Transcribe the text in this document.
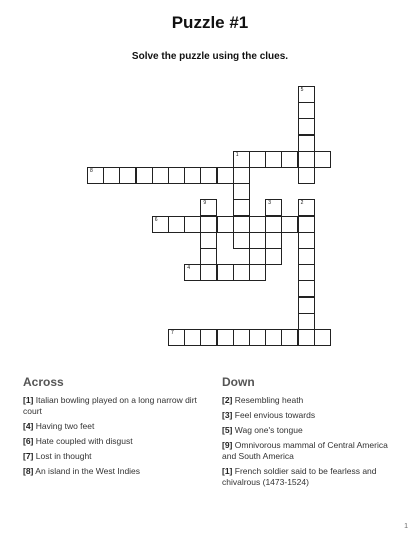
Puzzle #1
Solve the puzzle using the clues.
1
8
6
4
7
5
9	3	2
Across
[1] Italian bowling played on a long narrow dirt court
[4] Having two feet
[6] Hate coupled with disgust
[7] Lost in thought
[8] An island in the West Indies
Down
[2] Resembling heath
[3] Feel envious towards
[5] Wag one's tongue
[9] Omnivorous mammal of Central America and South America
[1] French soldier said to be fearless and chivalrous (1473-1524)
1
